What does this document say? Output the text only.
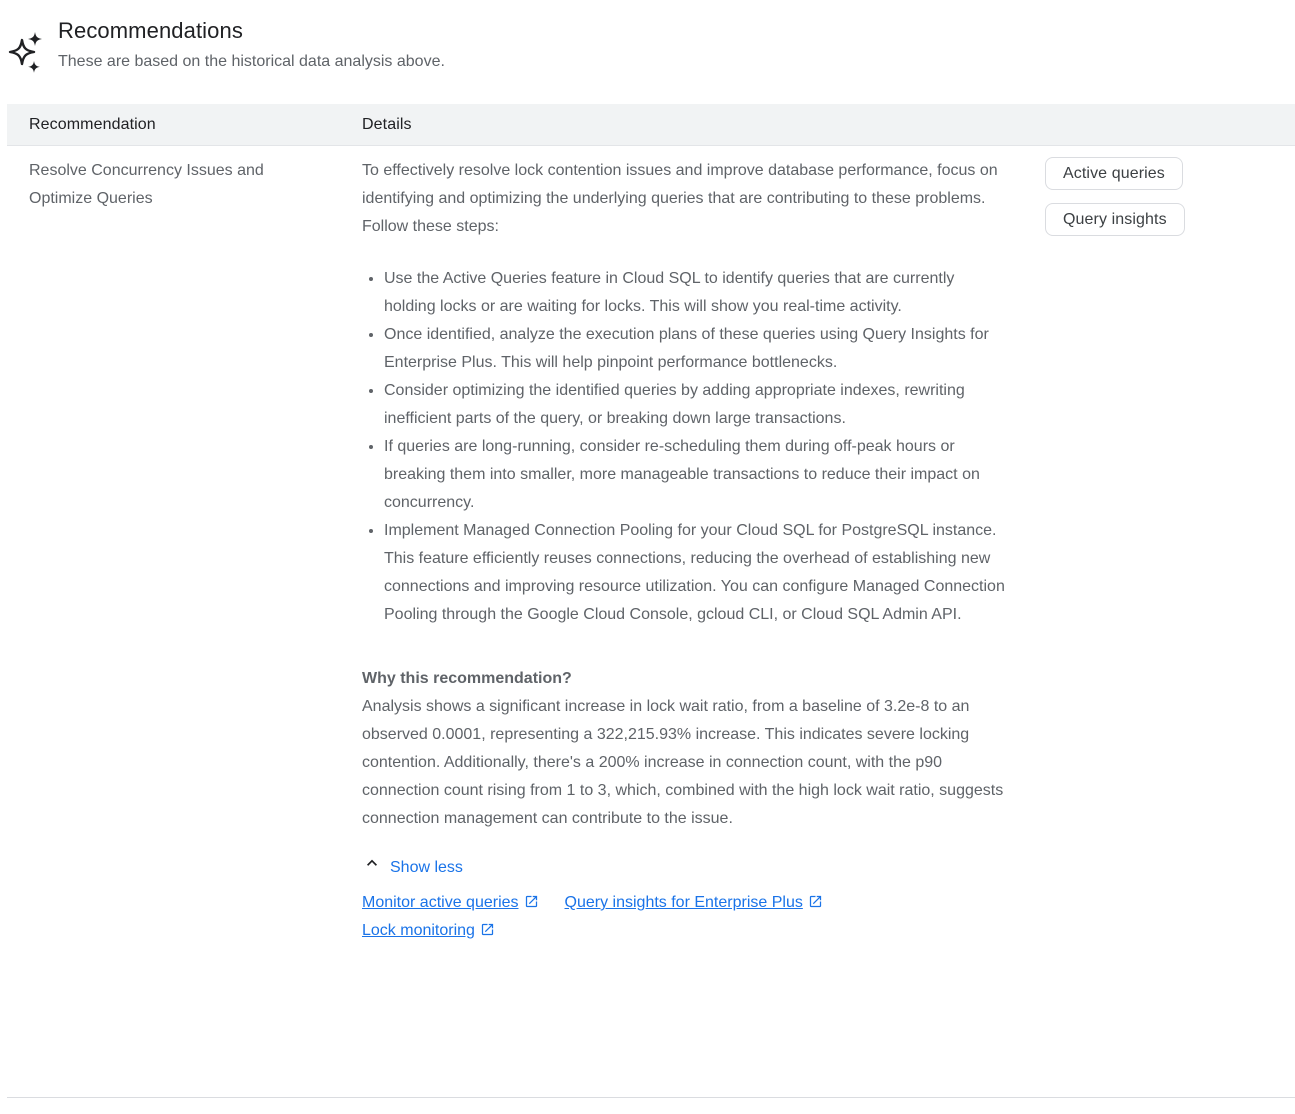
Recommendations
These are based on the historical data analysis above.
Recommendation	Details
Resolve Concurrency Issues and Optimize Queries

To effectively resolve lock contention issues and improve database performance, focus on identifying and optimizing the underlying queries that are contributing to these problems. Follow these steps:

• Use the Active Queries feature in Cloud SQL to identify queries that are currently holding locks or are waiting for locks. This will show you real-time activity.
• Once identified, analyze the execution plans of these queries using Query Insights for Enterprise Plus. This will help pinpoint performance bottlenecks.
• Consider optimizing the identified queries by adding appropriate indexes, rewriting inefficient parts of the query, or breaking down large transactions.
• If queries are long-running, consider re-scheduling them during off-peak hours or breaking them into smaller, more manageable transactions to reduce their impact on concurrency.
• Implement Managed Connection Pooling for your Cloud SQL for PostgreSQL instance. This feature efficiently reuses connections, reducing the overhead of establishing new connections and improving resource utilization. You can configure Managed Connection Pooling through the Google Cloud Console, gcloud CLI, or Cloud SQL Admin API.

Why this recommendation?

Analysis shows a significant increase in lock wait ratio, from a baseline of 3.2e-8 to an observed 0.0001, representing a 322,215.93% increase. This indicates severe locking contention. Additionally, there's a 200% increase in connection count, with the p90 connection count rising from 1 to 3, which, combined with the high lock wait ratio, suggests connection management can contribute to the issue.

Show less
Monitor active queries	Query insights for Enterprise PlusLock monitoring
Active queries
Query insights
